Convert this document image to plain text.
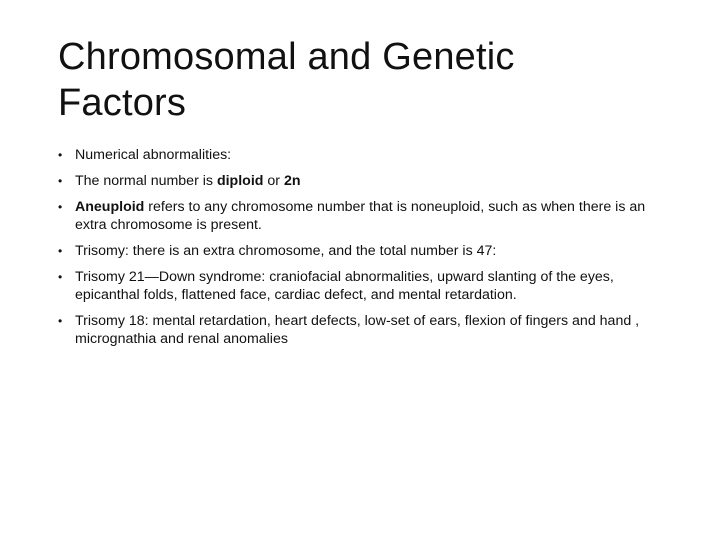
Chromosomal and Genetic
Factors
• Numerical abnormalities:
• The normal number is diploid or 2n
• Aneuploid refers to any chromosome number that is noneuploid, such as when there is an extra chromosome is present.
• Trisomy: there is an extra chromosome, and the total number is 47:
• Trisomy 21—Down syndrome: craniofacial abnormalities, upward slanting of the eyes, epicanthal folds, flattened face, cardiac defect, and mental retardation.
• Trisomy 18: mental retardation, heart defects, low-set of ears, flexion of fingers and hand , micrognathia and renal anomalies
